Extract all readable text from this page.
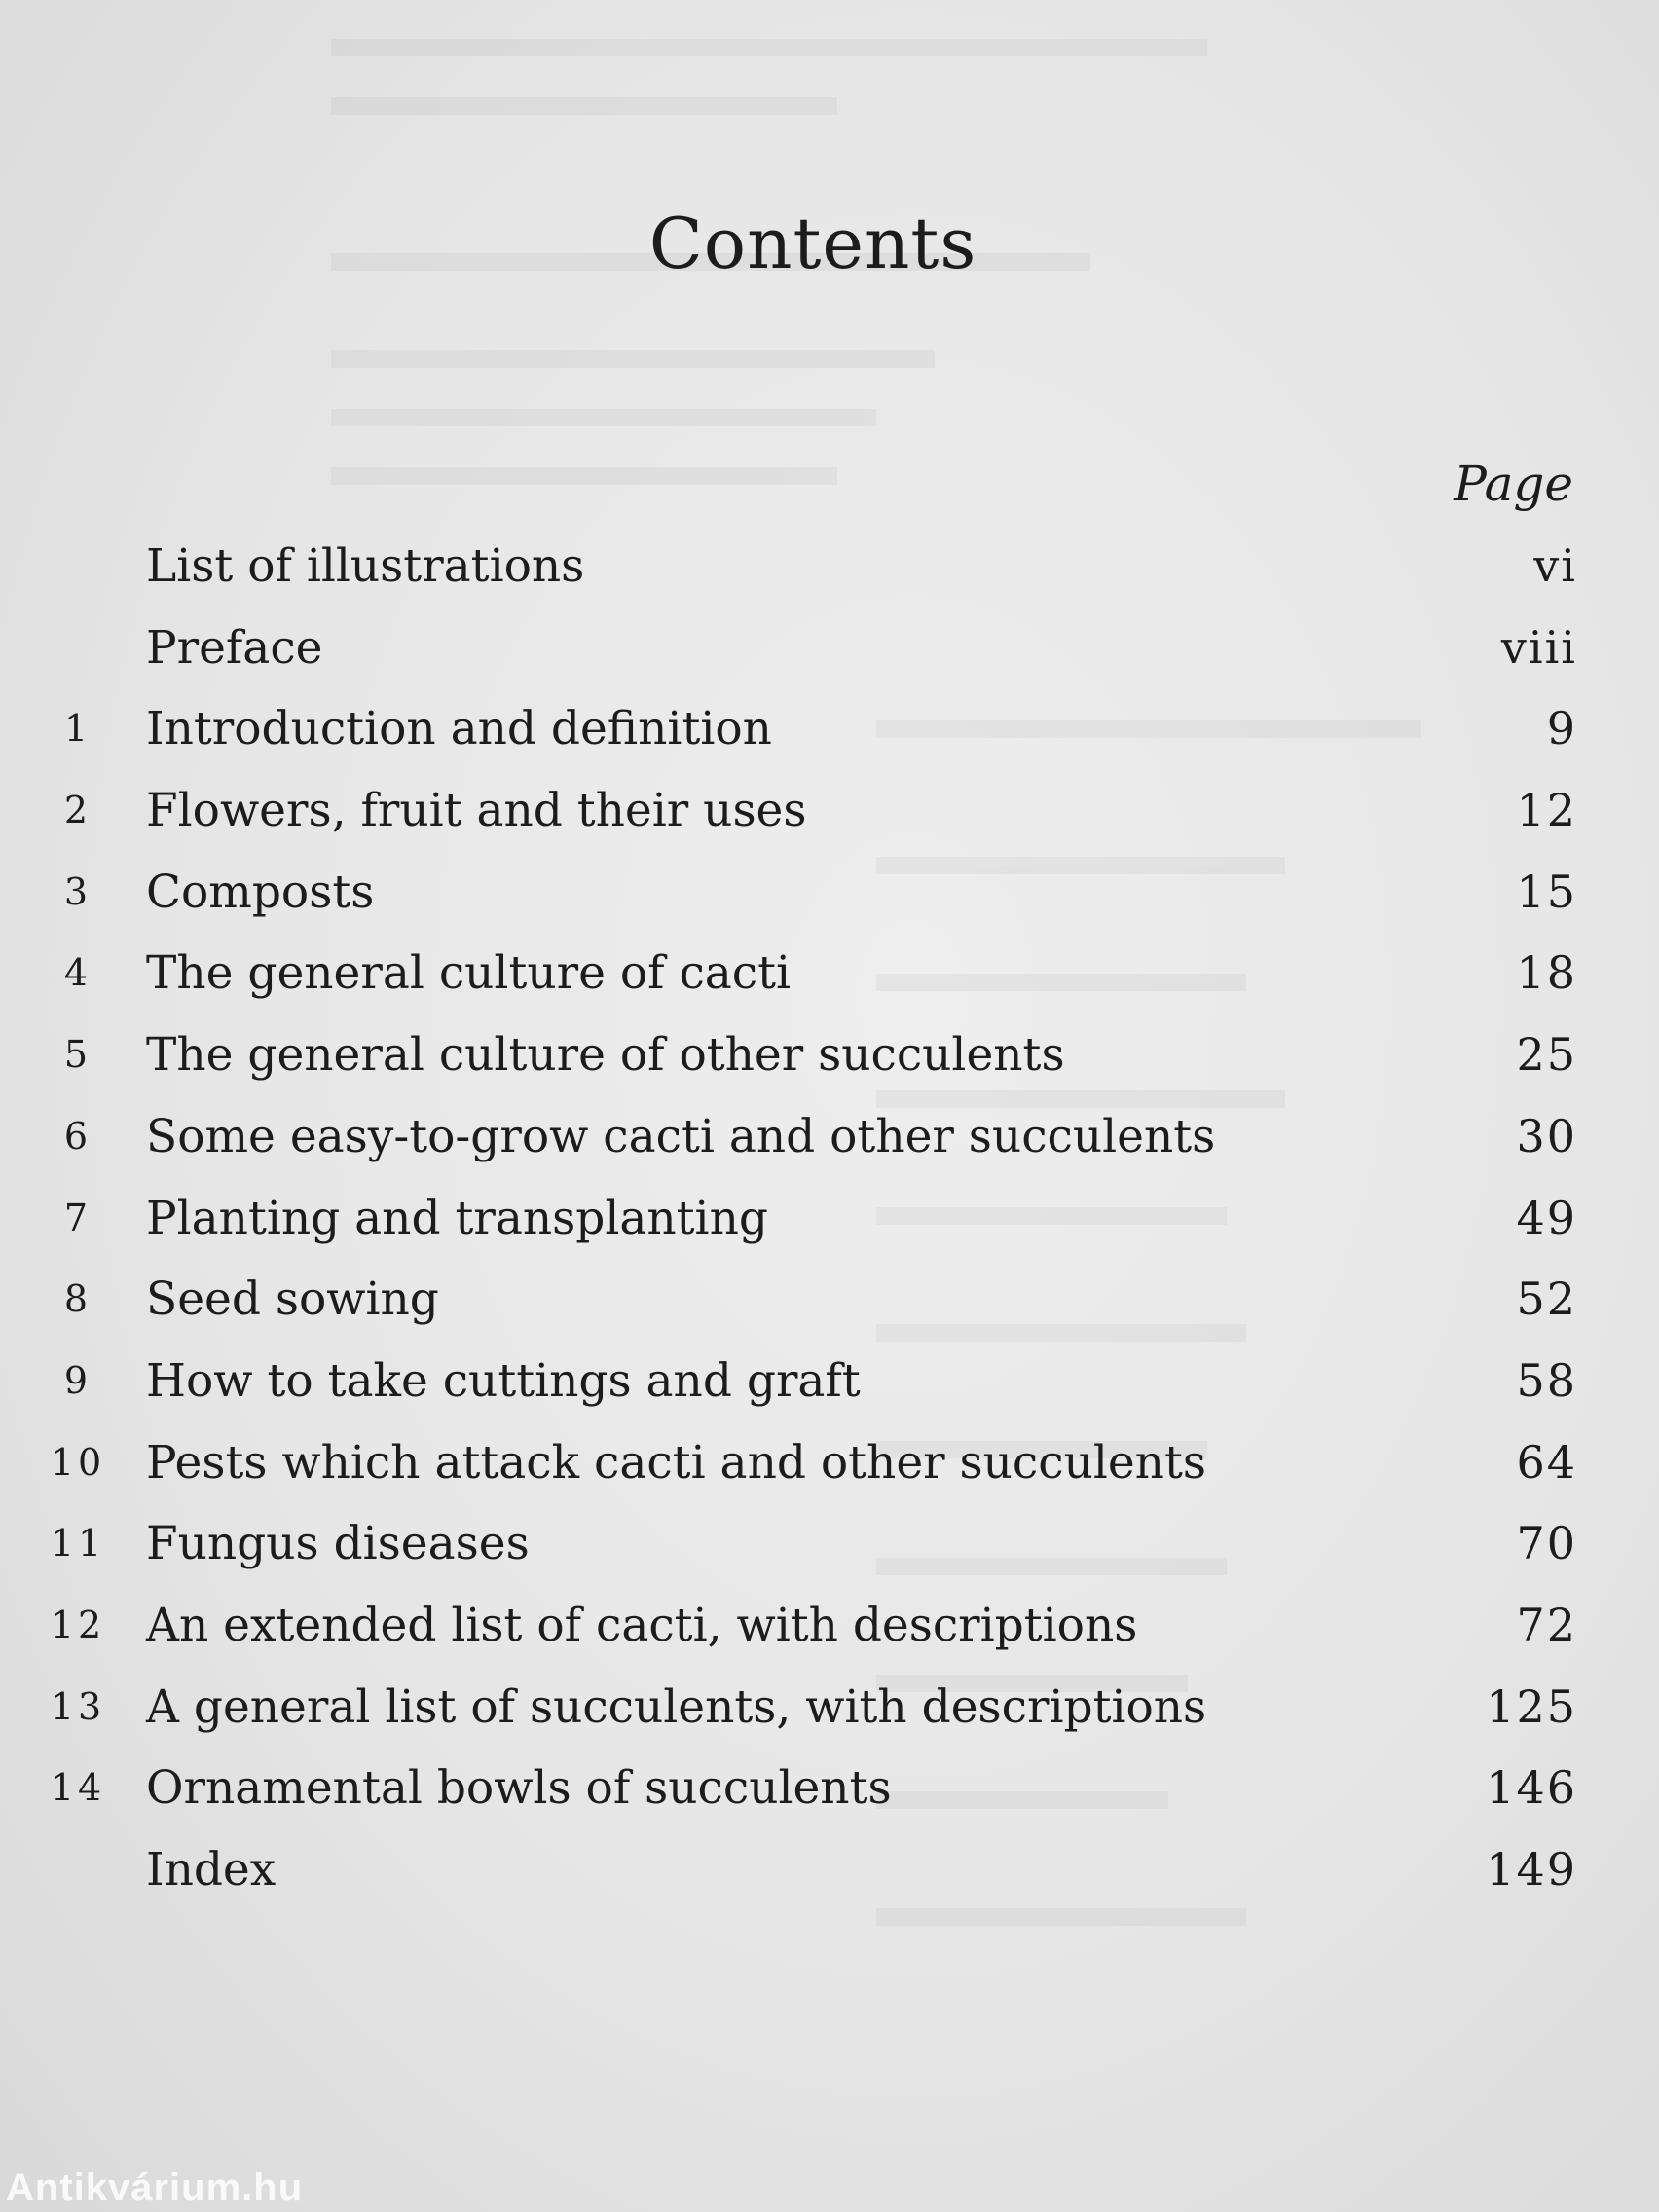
Contents
Page
List of illustrations	vi
Preface	viii
1	Introduction and definition	9
2	Flowers, fruit and their uses	12
3	Composts	15
4	The general culture of cacti	18
5	The general culture of other succulents	25
6	Some easy-to-grow cacti and other succulents	30
7	Planting and transplanting	49
8	Seed sowing	52
9	How to take cuttings and graft	58
10 Pests which attack cacti and other succulents	64
11 Fungus diseases	70
12 An extended list of cacti, with descriptions	72
13 A general list of succulents, with descriptions	125
14 Ornamental bowls of succulents	146
Index	149
Antikvárium.hu
